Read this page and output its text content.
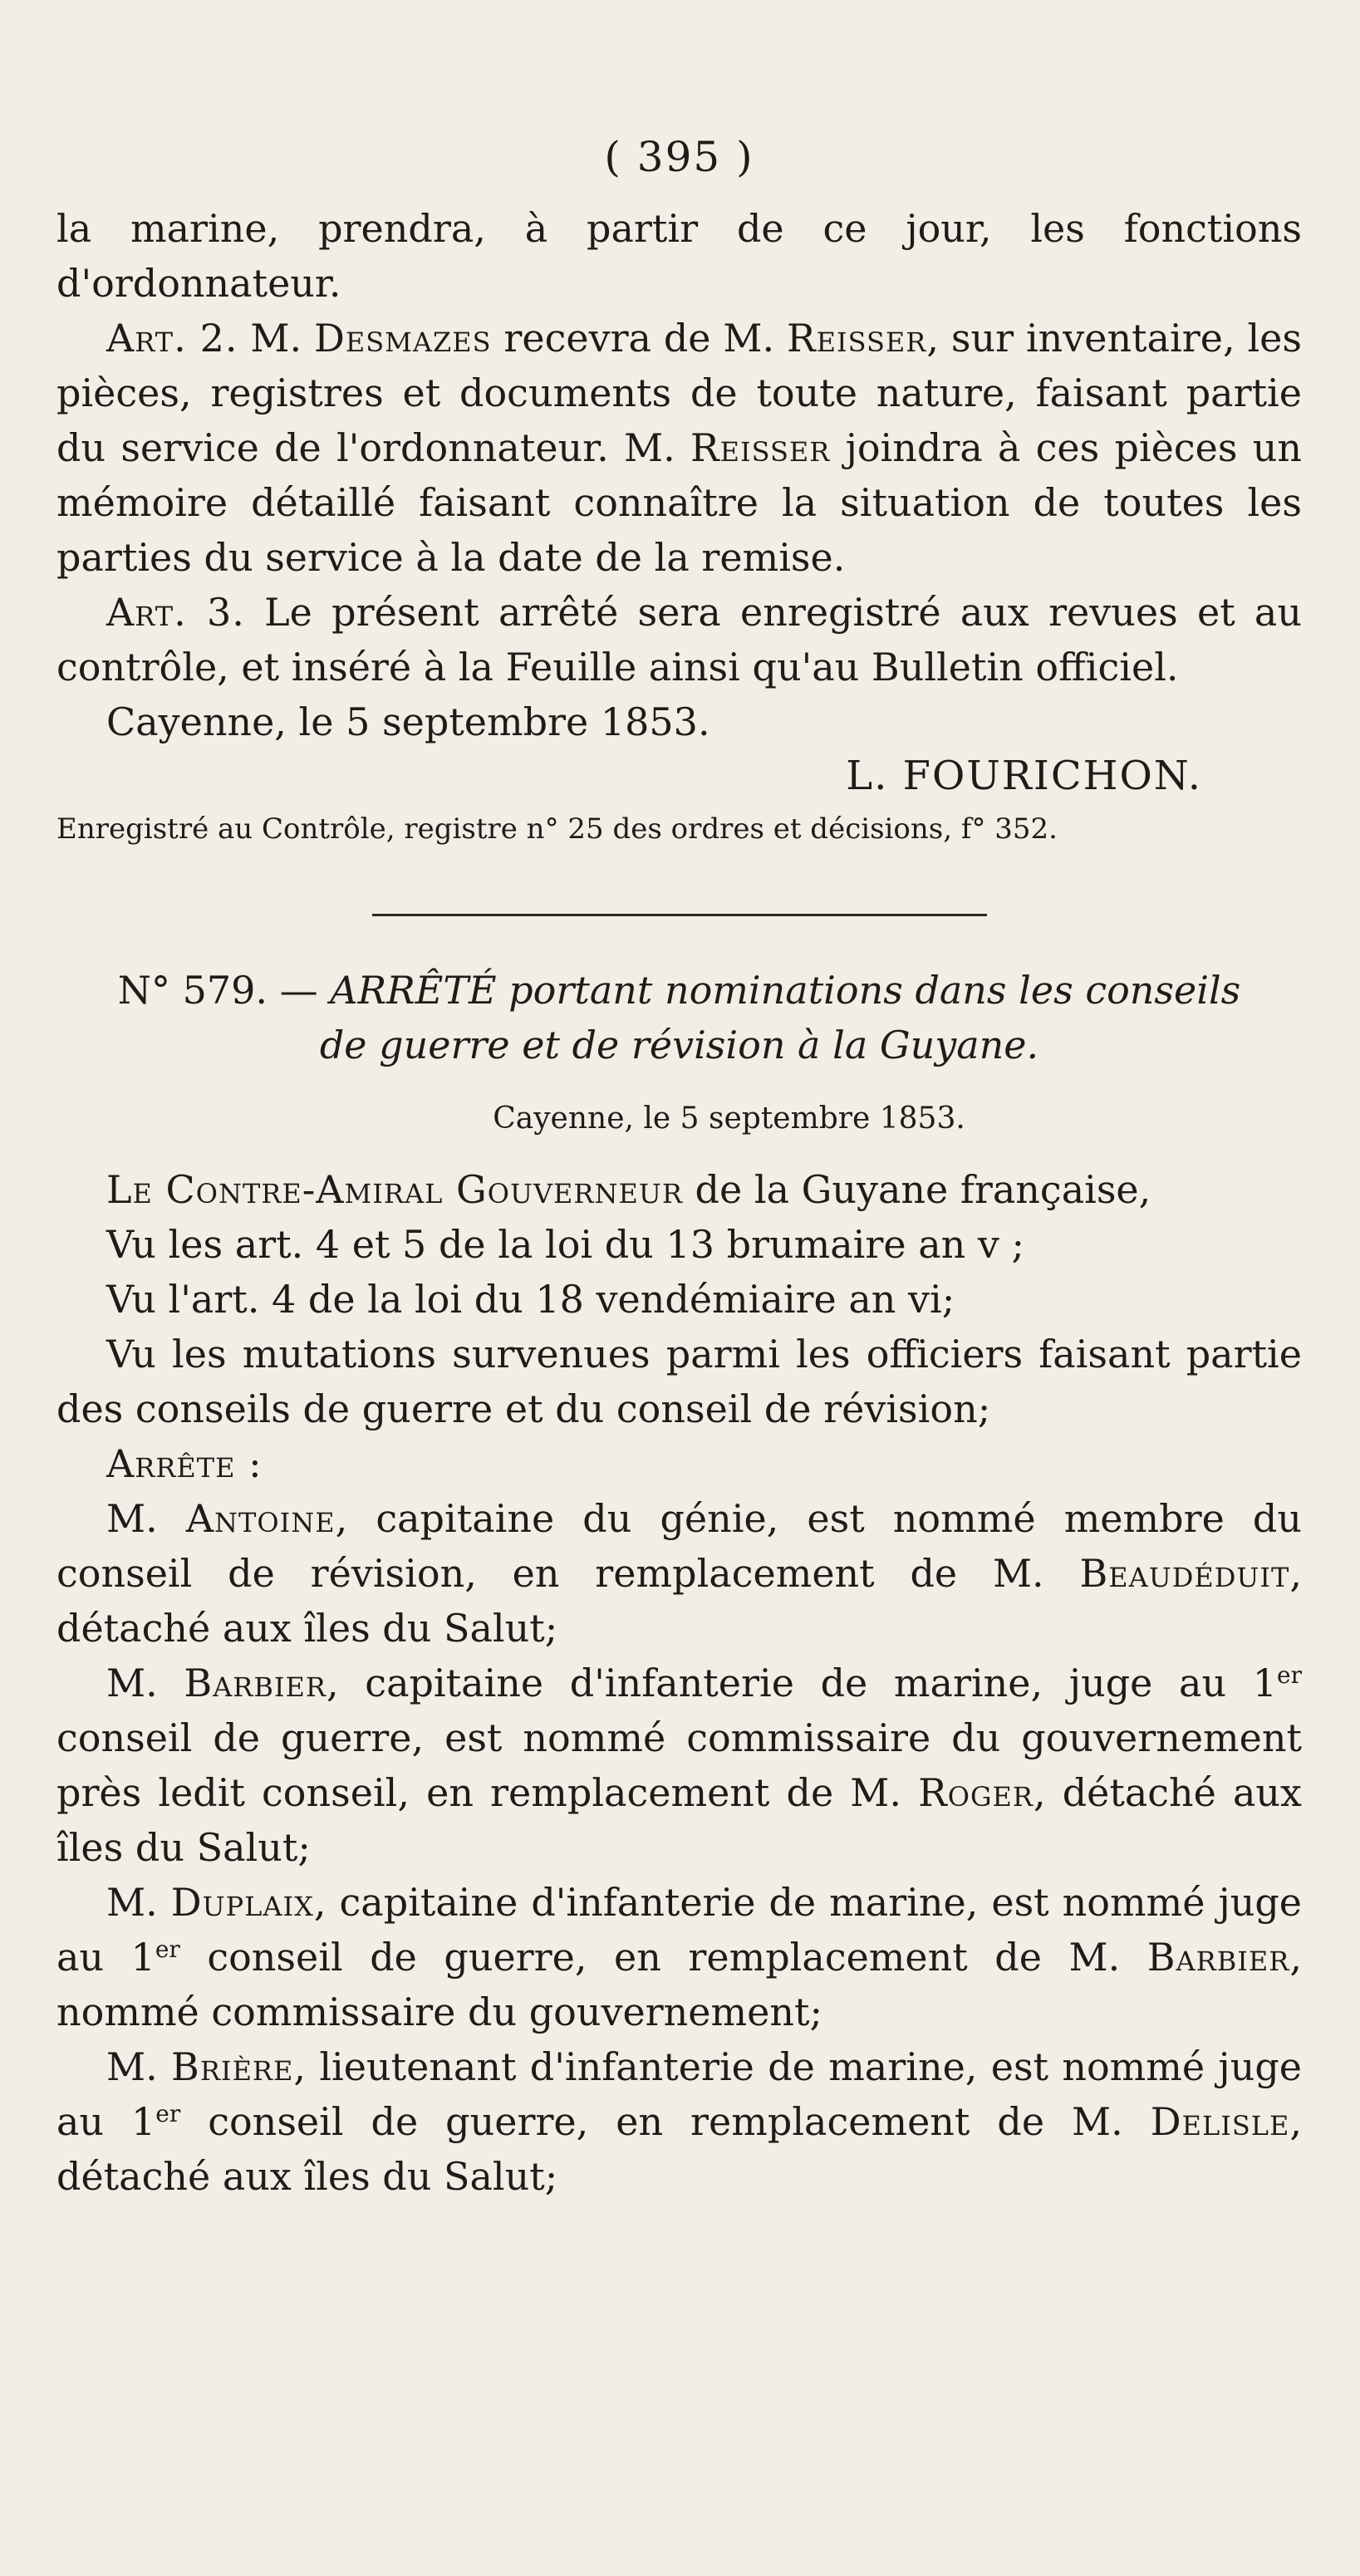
( 395 )

la marine, prendra, à partir de ce jour, les fonctions d'ordonnateur.

Art. 2. M. Desmazes recevra de M. Reisser, sur inventaire, les pièces, registres et documents de toute nature, faisant partie du service de l'ordonnateur. M. Reisser joindra à ces pièces un mémoire détaillé faisant connaître la situation de toutes les parties du service à la date de la remise.

Art. 3. Le présent arrêté sera enregistré aux revues et au contrôle, et inséré à la Feuille ainsi qu'au Bulletin officiel.

Cayenne, le 5 septembre 1853.

L. FOURICHON.

Enregistré au Contrôle, registre n° 25 des ordres et décisions, f° 352.

N° 579. — ARRÊTÉ portant nominations dans les conseils de guerre et de révision à la Guyane.
Cayenne, le 5 septembre 1853.

Le Contre-Amiral Gouverneur de la Guyane française,

Vu les art. 4 et 5 de la loi du 13 brumaire an v ;

Vu l'art. 4 de la loi du 18 vendémiaire an vi;

Vu les mutations survenues parmi les officiers faisant partie des conseils de guerre et du conseil de révision;

Arrête :

M. Antoine, capitaine du génie, est nommé membre du conseil de révision, en remplacement de M. Beaudéduit, détaché aux îles du Salut;

M. Barbier, capitaine d'infanterie de marine, juge au 1er conseil de guerre, est nommé commissaire du gouvernement près ledit conseil, en remplacement de M. Roger, détaché aux îles du Salut;

M. Duplaix, capitaine d'infanterie de marine, est nommé juge au 1er conseil de guerre, en remplacement de M. Barbier, nommé commissaire du gouvernement;

M. Brière, lieutenant d'infanterie de marine, est nommé juge au 1er conseil de guerre, en remplacement de M. Delisle, détaché aux îles du Salut;
